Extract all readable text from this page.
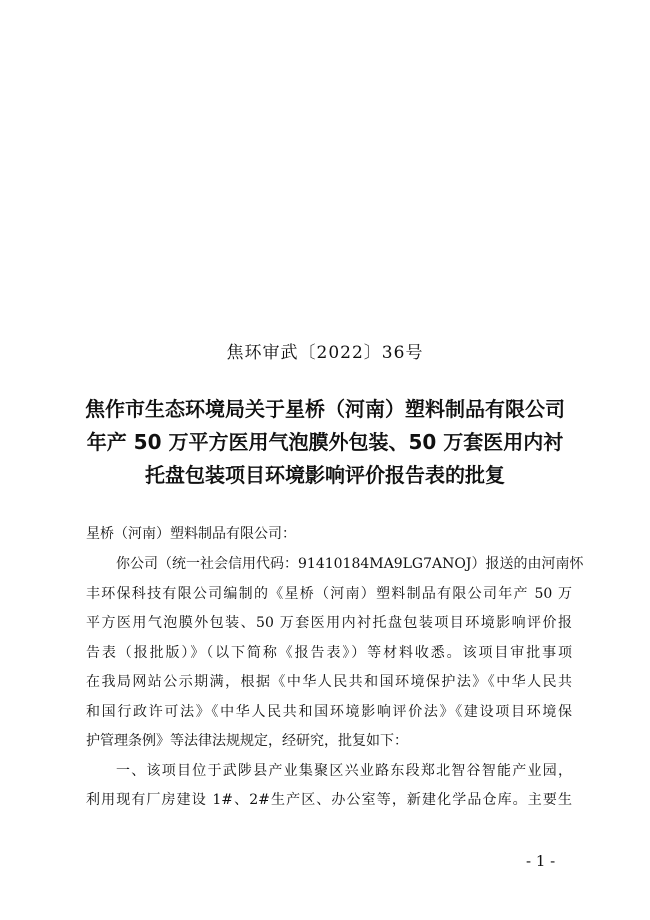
焦环审武〔2022〕36号
焦作市生态环境局关于星桥（河南）塑料制品有限公司
年产 50 万平方医用气泡膜外包装、50 万套医用内衬
托盘包装项目环境影响评价报告表的批复
星桥（河南）塑料制品有限公司：
你公司（统一社会信用代码：91410184MA9LG7ANOJ）报送的由河南怀
丰环保科技有限公司编制的《星桥（河南）塑料制品有限公司年产 50 万
平方医用气泡膜外包装、50 万套医用内衬托盘包装项目环境影响评价报
告表（报批版）》（以下简称《报告表》）等材料收悉。该项目审批事项
在我局网站公示期满，根据《中华人民共和国环境保护法》《中华人民共
和国行政许可法》《中华人民共和国环境影响评价法》《建设项目环境保
护管理条例》等法律法规规定，经研究，批复如下：
一、该项目位于武陟县产业集聚区兴业路东段郑北智谷智能产业园，
利用现有厂房建设 1#、2#生产区、办公室等，新建化学品仓库。主要生
- 1 -
